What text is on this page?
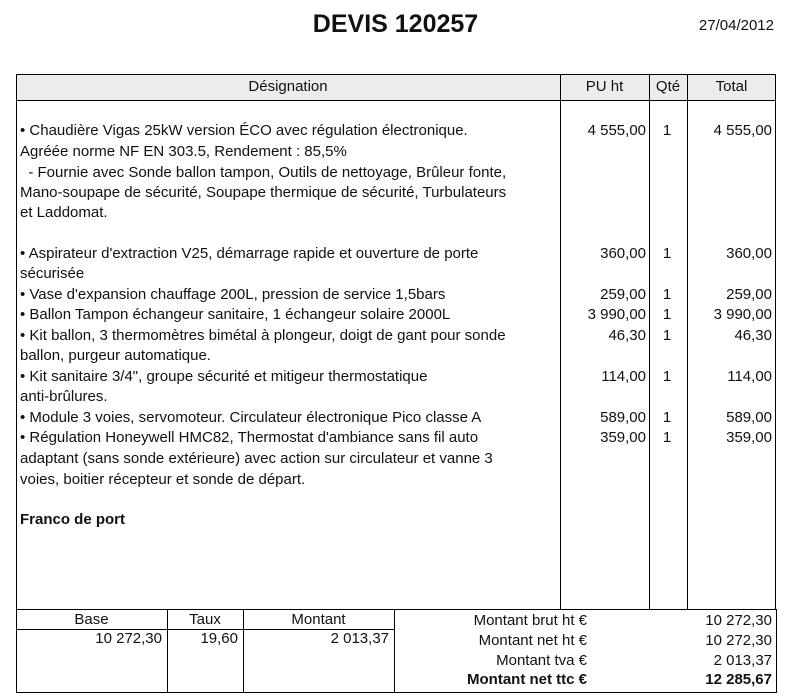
DEVIS 120257	27/04/2012
Désignation	PU ht	Qté	Total
• Chaudière Vigas 25kW version ÉCO avec régulation électronique.
Agréée norme NF EN 303.5, Rendement : 85,5%
- Fournie avec Sonde ballon tampon, Outils de nettoyage, Brûleur fonte,
Mano-soupape de sécurité, Soupape thermique de sécurité, Turbulateurs
et Laddomat.
4 555,00	1	4 555,00
• Aspirateur d'extraction V25, démarrage rapide et ouverture de porte
sécurisée
360,00	1	360,00
• Vase d'expansion chauffage 200L, pression de service 1,5bars	259,00	1	259,00
• Ballon Tampon échangeur sanitaire, 1 échangeur solaire 2000L	3 990,00	1	3 990,00
• Kit ballon, 3 thermomètres bimétal à plongeur, doigt de gant pour sonde
ballon, purgeur automatique.
46,30	1	46,30
• Kit sanitaire 3/4", groupe sécurité et mitigeur thermostatique
anti-brûlures.
114,00	1	114,00
• Module 3 voies, servomoteur. Circulateur électronique Pico classe A	589,00	1	589,00
• Régulation Honeywell HMC82, Thermostat d'ambiance sans fil auto
adaptant (sans sonde extérieure) avec action sur circulateur et vanne 3
voies, boitier récepteur et sonde de départ.
359,00	1	359,00
Franco de port
Base	Taux	Montant
10 272,30	19,60	2 013,37
Montant brut ht €	10 272,30
Montant net ht €	10 272,30
Montant tva €	2 013,37
Montant net ttc €	12 285,67
